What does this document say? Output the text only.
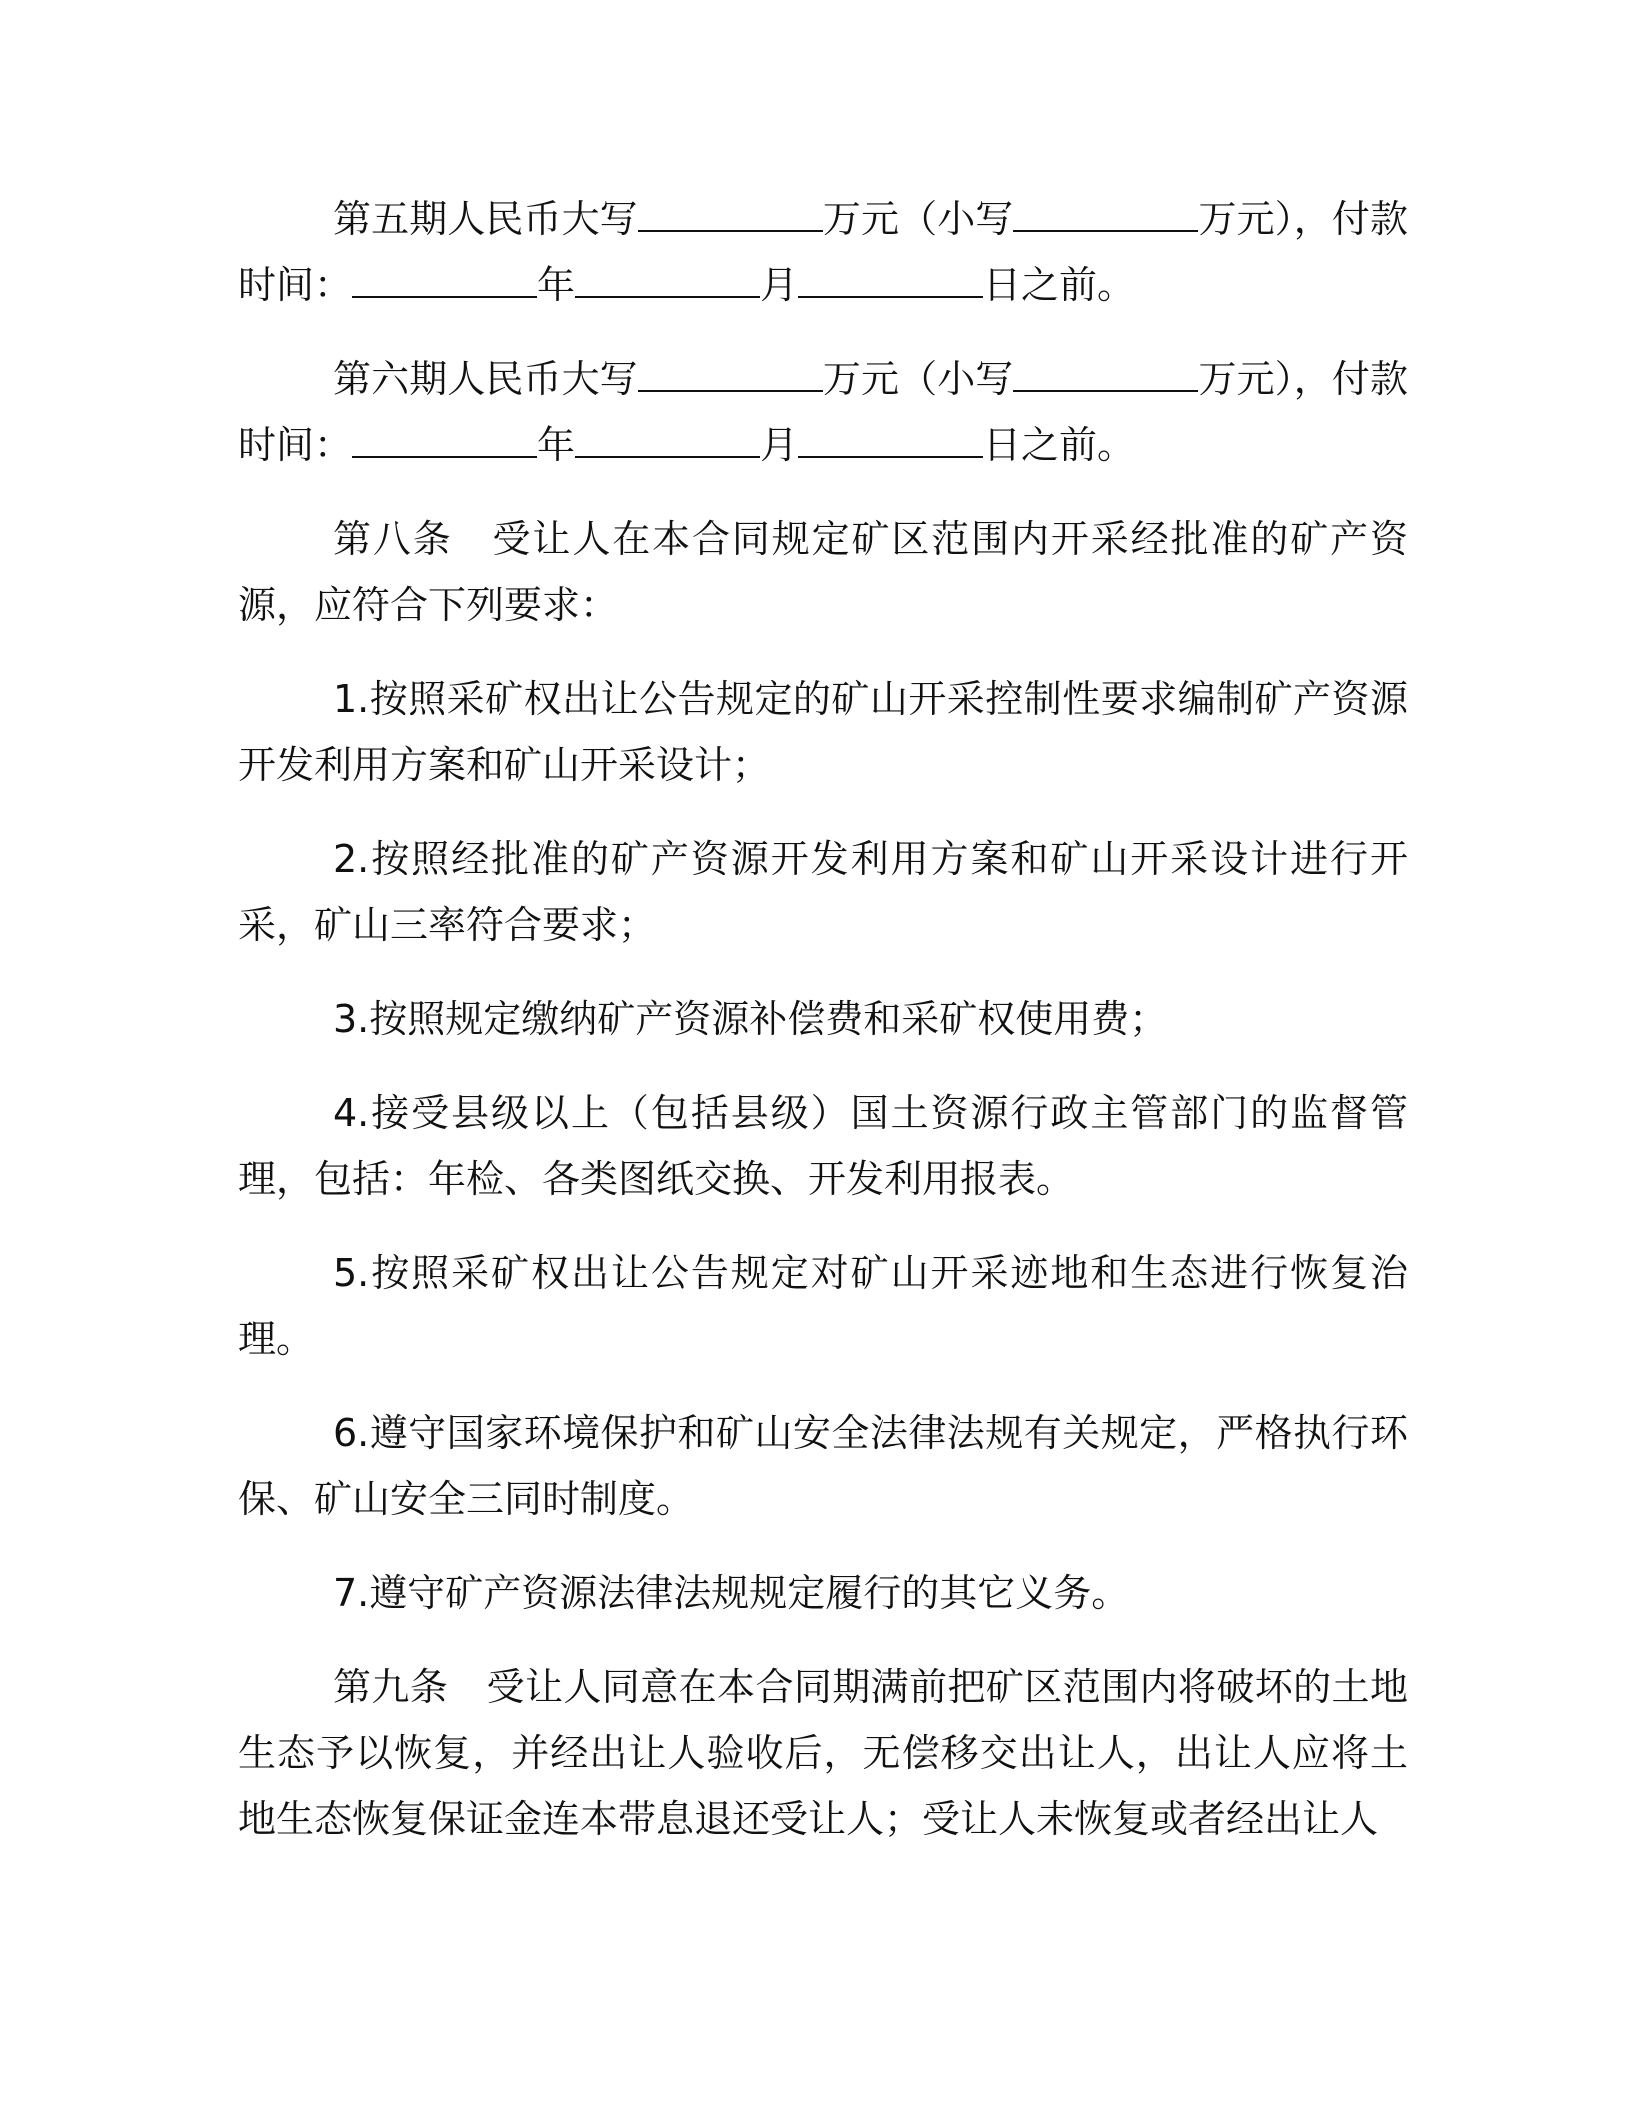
第五期人民币大写	万元（小写	万元），付款时间：	年	月	日之前。

第六期人民币大写	万元（小写	万元），付款时间：	年	月	日之前。

第八条　 受让人在本合同规定矿区范围内开采经批准的矿产资源，应符合下列要求：

1.按照采矿权出让公告规定的矿山开采控制性要求编制矿产资源开发利用方案和矿山开采设计；

2.按照经批准的矿产资源开发利用方案和矿山开采设计进行开采，矿山三率符合要求；

3.按照规定缴纳矿产资源补偿费和采矿权使用费；

4.接受县级以上（包括县级）国土资源行政主管部门的监督管理，包括：年检、各类图纸交换、开发利用报表。

5.按照采矿权出让公告规定对矿山开采迹地和生态进行恢复治理。

6.遵守国家环境保护和矿山安全法律法规有关规定，严格执行环保、矿山安全三同时制度。

7.遵守矿产资源法律法规规定履行的其它义务。

第九条　 受让人同意在本合同期满前把矿区范围内将破坏的土地生态予以恢复，并经出让人验收后，无偿移交出让人，出让人应将土地生态恢复保证金连本带息退还受让人；受让人未恢复或者经出让人
